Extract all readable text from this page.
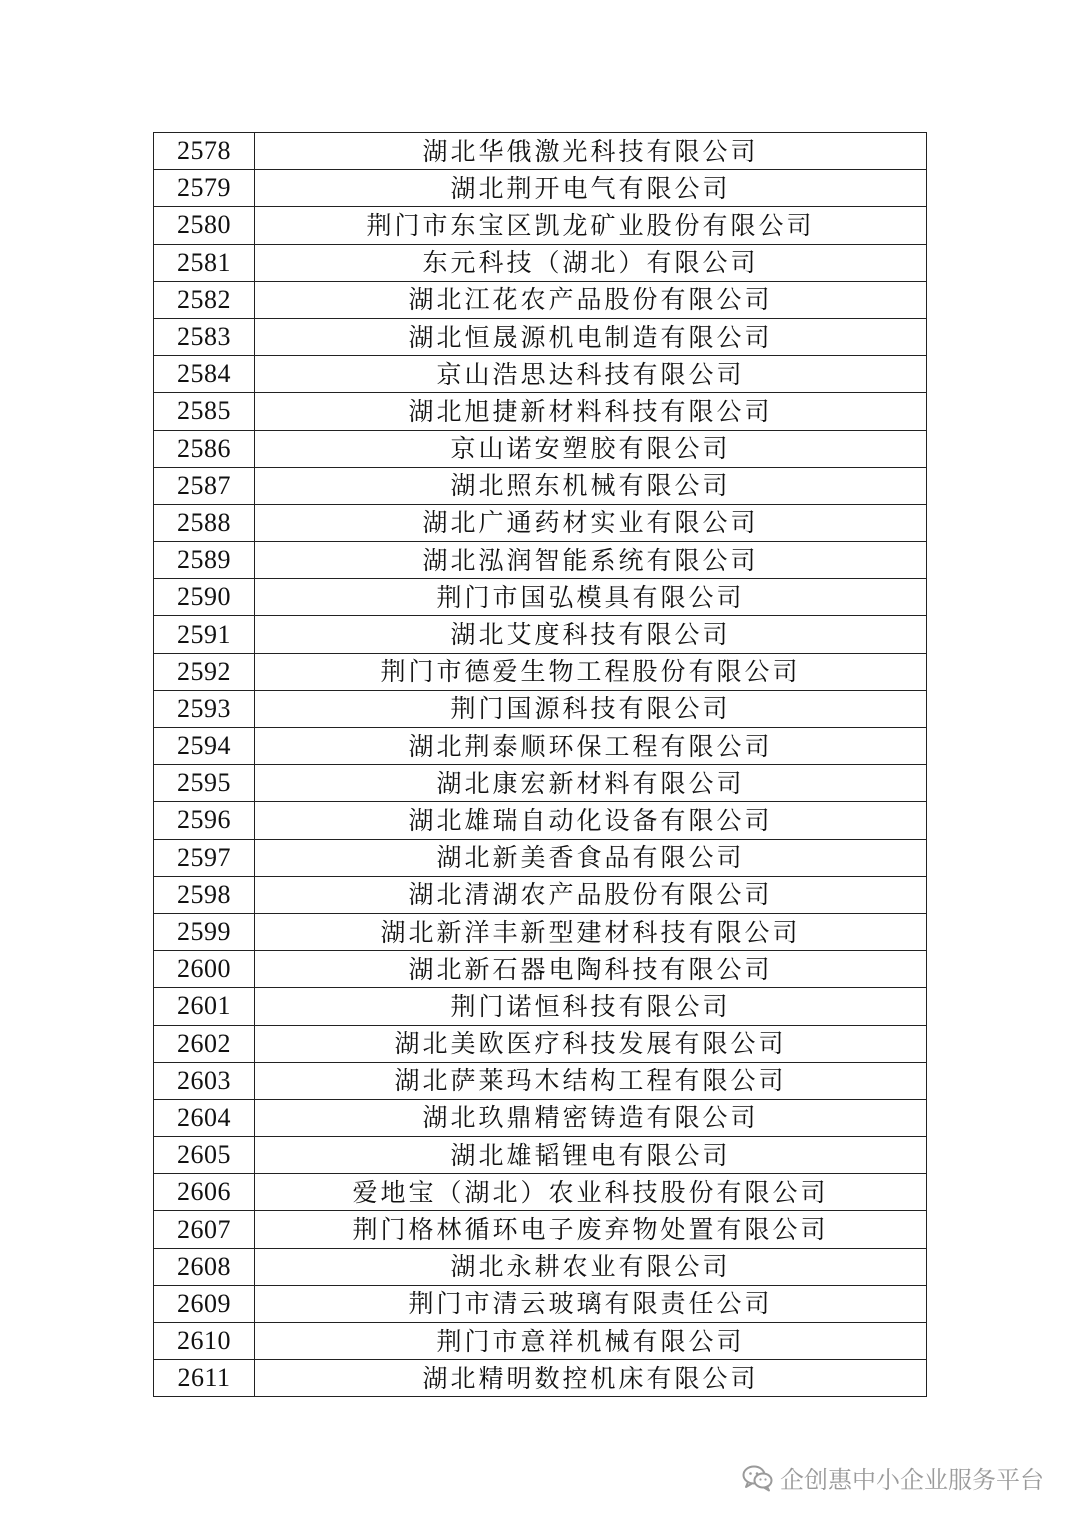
2578	湖北华俄激光科技有限公司
2579	湖北荆开电气有限公司
2580	荆门市东宝区凯龙矿业股份有限公司
2581	东元科技（湖北）有限公司
2582	湖北江花农产品股份有限公司
2583	湖北恒晟源机电制造有限公司
2584	京山浩思达科技有限公司
2585	湖北旭捷新材料科技有限公司
2586	京山诺安塑胶有限公司
2587	湖北照东机械有限公司
2588	湖北广通药材实业有限公司
2589	湖北泓润智能系统有限公司
2590	荆门市国弘模具有限公司
2591	湖北艾度科技有限公司
2592	荆门市德爱生物工程股份有限公司
2593	荆门国源科技有限公司
2594	湖北荆泰顺环保工程有限公司
2595	湖北康宏新材料有限公司
2596	湖北雄瑞自动化设备有限公司
2597	湖北新美香食品有限公司
2598	湖北清湖农产品股份有限公司
2599	湖北新洋丰新型建材科技有限公司
2600	湖北新石器电陶科技有限公司
2601	荆门诺恒科技有限公司
2602	湖北美欧医疗科技发展有限公司
2603	湖北萨莱玛木结构工程有限公司
2604	湖北玖鼎精密铸造有限公司
2605	湖北雄韬锂电有限公司
2606	爱地宝（湖北）农业科技股份有限公司
2607	荆门格林循环电子废弃物处置有限公司
2608	湖北永耕农业有限公司
2609	荆门市清云玻璃有限责任公司
2610	荆门市意祥机械有限公司
2611	湖北精明数控机床有限公司
企创惠中小企业服务平台
